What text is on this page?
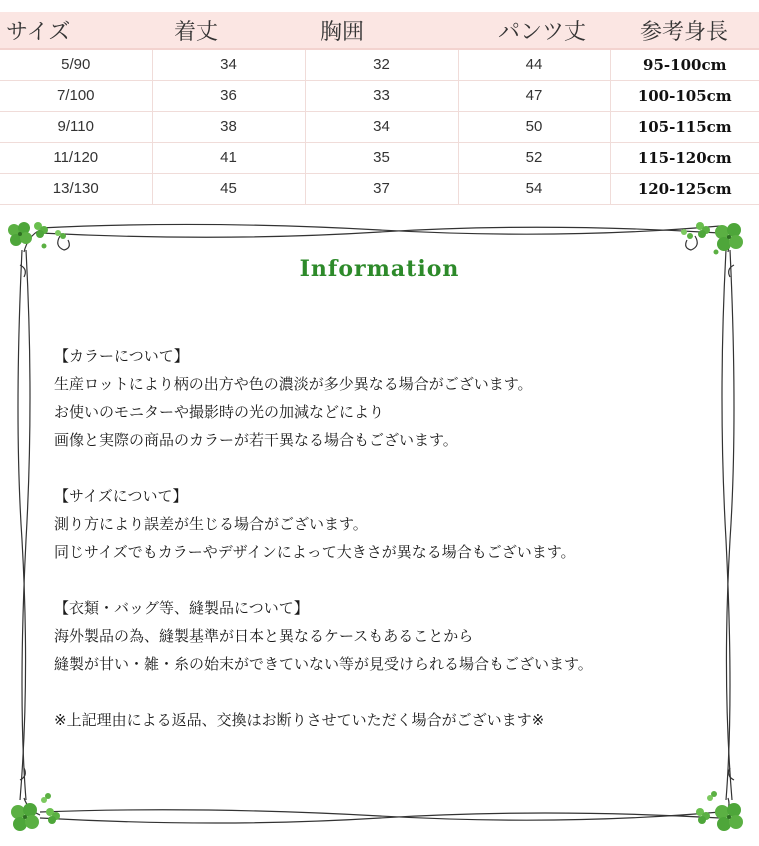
サイズ	着丈	胸囲	パンツ丈	参考身長
5/90	34	32	44	95-100cm
7/100	36	33	47	100-105cm
9/110	38	34	50	105-115cm
11/120	41	35	52	115-120cm
13/130	45	37	54	120-125cm
Information
【カラーについて】
生産ロットにより柄の出方や色の濃淡が多少異なる場合がございます。
お使いのモニターや撮影時の光の加減などにより
画像と実際の商品のカラーが若干異なる場合もございます。
【サイズについて】
測り方により誤差が生じる場合がございます。
同じサイズでもカラーやデザインによって大きさが異なる場合もございます。
【衣類・バッグ等、縫製品について】
海外製品の為、縫製基準が日本と異なるケースもあることから
縫製が甘い・雑・糸の始末ができていない等が見受けられる場合もございます。
※上記理由による返品、交換はお断りさせていただく場合がございます※
